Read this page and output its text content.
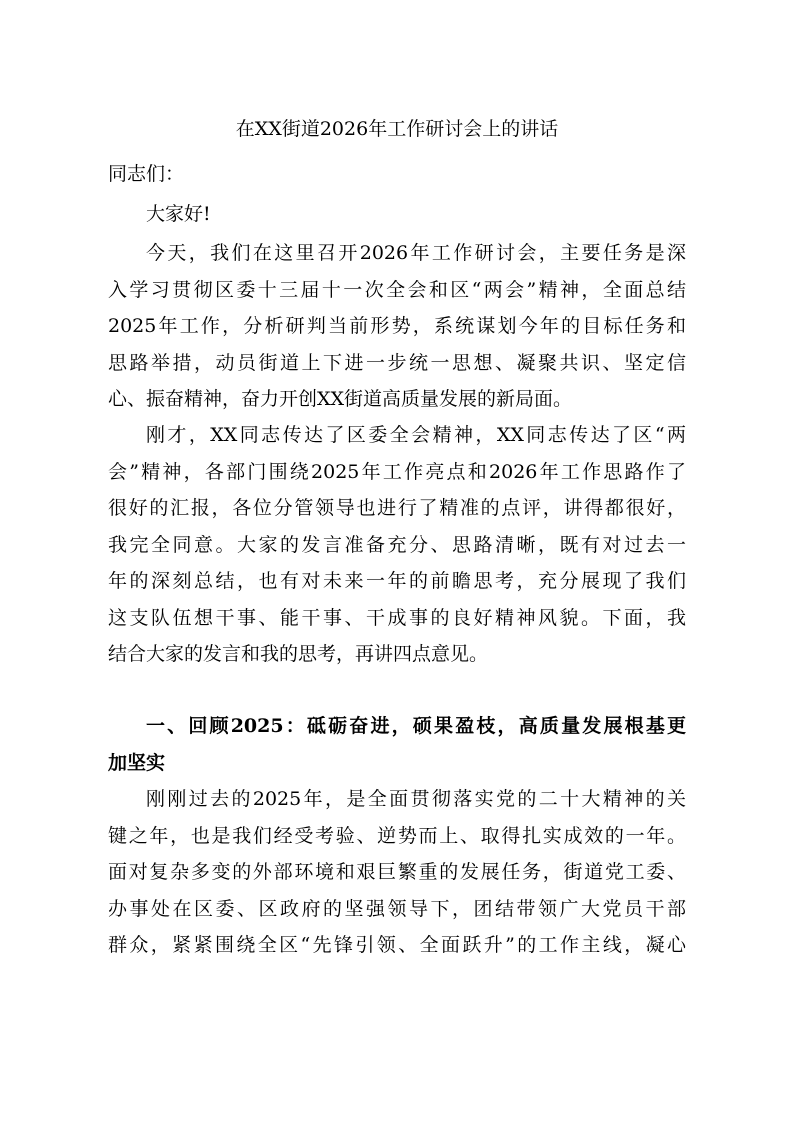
在XX街道2026年工作研讨会上的讲话
同志们：
大家好!
今天，我们在这里召开2026年工作研讨会，主要任务是深
入学习贯彻区委十三届十一次全会和区“两会”精神，全面总结
2025年工作，分析研判当前形势，系统谋划今年的目标任务和
思路举措，动员街道上下进一步统一思想、凝聚共识、坚定信
心、振奋精神，奋力开创XX街道高质量发展的新局面。
刚才，XX同志传达了区委全会精神，XX同志传达了区“两
会”精神，各部门围绕2025年工作亮点和2026年工作思路作了
很好的汇报，各位分管领导也进行了精准的点评，讲得都很好，
我完全同意。大家的发言准备充分、思路清晰，既有对过去一
年的深刻总结，也有对未来一年的前瞻思考，充分展现了我们
这支队伍想干事、能干事、干成事的良好精神风貌。下面，我
结合大家的发言和我的思考，再讲四点意见。
一、回顾2025：砥砺奋进，硕果盈枝，高质量发展根基更
加坚实
刚刚过去的2025年，是全面贯彻落实党的二十大精神的关
键之年，也是我们经受考验、逆势而上、取得扎实成效的一年。
面对复杂多变的外部环境和艰巨繁重的发展任务，街道党工委、
办事处在区委、区政府的坚强领导下，团结带领广大党员干部
群众，紧紧围绕全区“先锋引领、全面跃升”的工作主线，凝心
